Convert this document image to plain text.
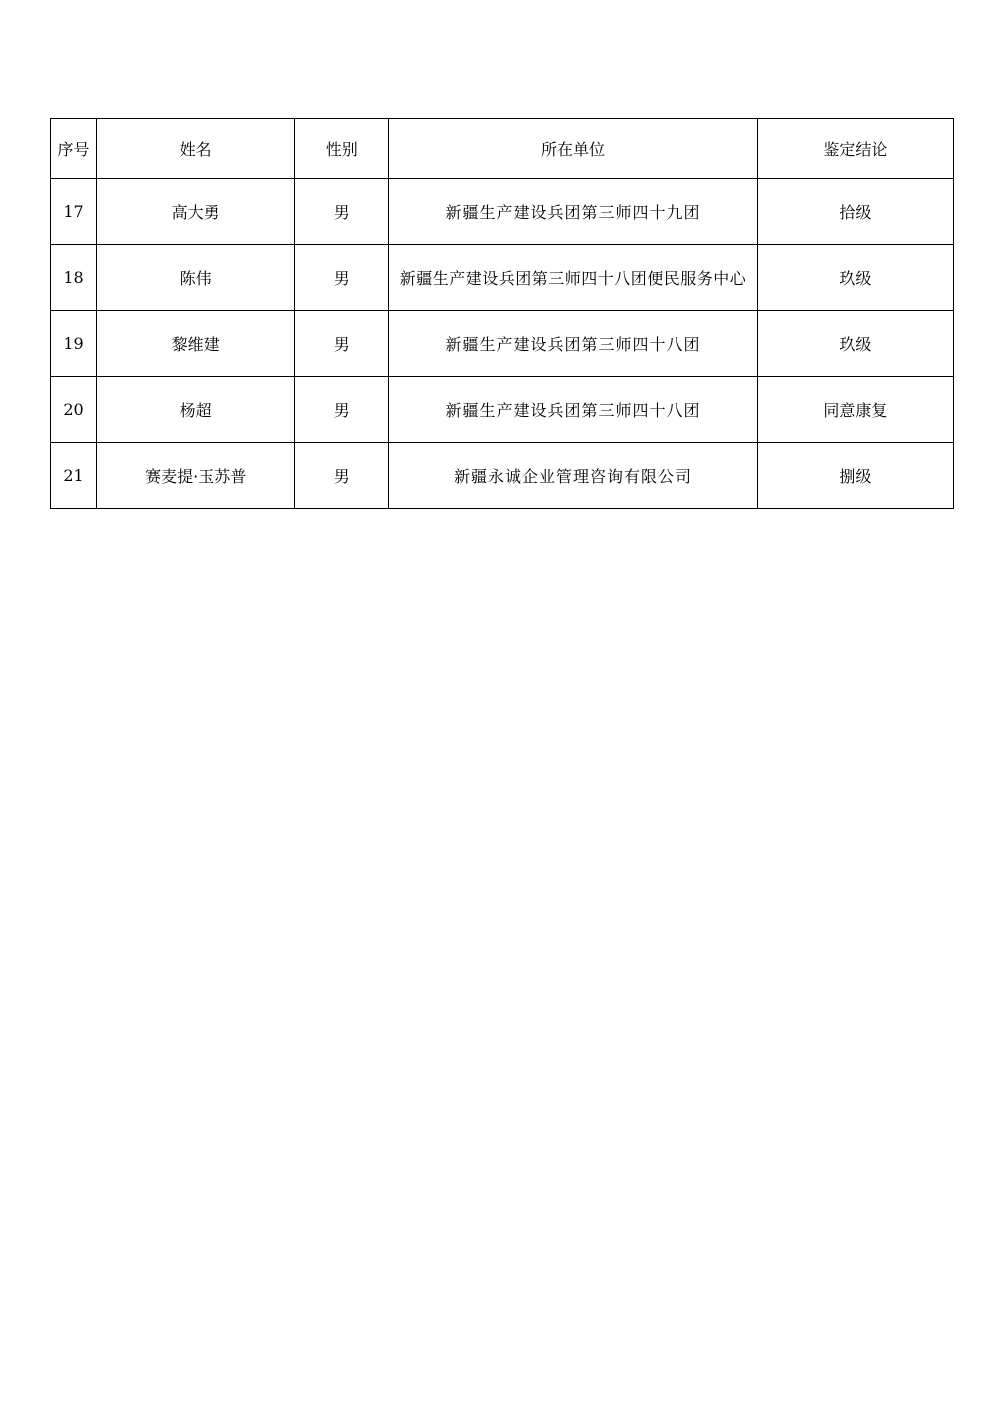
序号	姓名	性别	所在单位	鉴定结论
17	高大勇	男	新疆生产建设兵团第三师四十九团	拾级
18	陈伟	男	新疆生产建设兵团第三师四十八团便民服务中心	玖级
19	黎维建	男	新疆生产建设兵团第三师四十八团	玖级
20	杨超	男	新疆生产建设兵团第三师四十八团	同意康复
21	赛麦提·玉苏普	男	新疆永诚企业管理咨询有限公司	捌级
